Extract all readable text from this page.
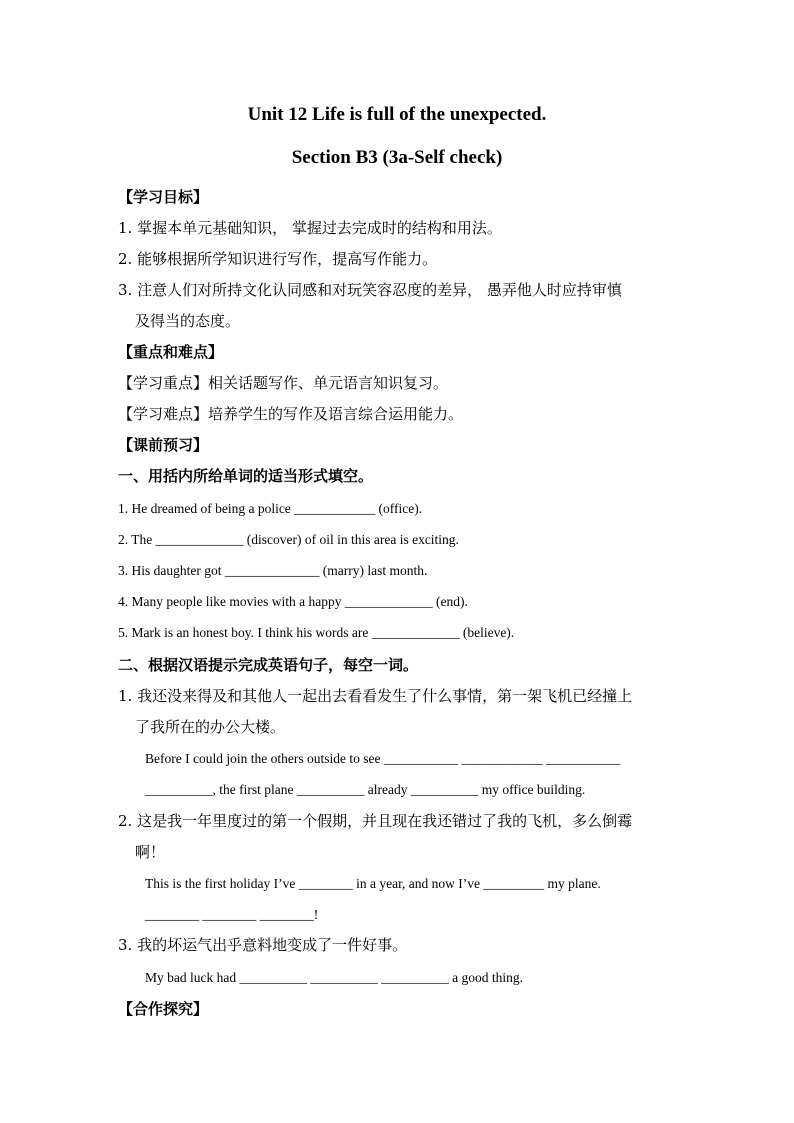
Unit 12 Life is full of the unexpected.
Section B3 (3a-Self check)
【学习目标】
1. 掌握本单元基础知识， 掌握过去完成时的结构和用法。
2. 能够根据所学知识进行写作，提高写作能力。
3. 注意人们对所持文化认同感和对玩笑容忍度的差异， 愚弄他人时应持审慎
及得当的态度。
【重点和难点】
【学习重点】相关话题写作、单元语言知识复习。
【学习难点】培养学生的写作及语言综合运用能力。
【课前预习】
一、用括内所给单词的适当形式填空。
1. He dreamed of being a police ____________ (office).
2. The _____________ (discover) of oil in this area is exciting.
3. His daughter got ______________ (marry) last month.
4. Many people like movies with a happy _____________ (end).
5. Mark is an honest boy. I think his words are _____________ (believe).
二、根据汉语提示完成英语句子，每空一词。
1. 我还没来得及和其他人一起出去看看发生了什么事情，第一架飞机已经撞上
了我所在的办公大楼。
Before I could join the others outside to see ___________ ____________ ___________
__________, the first plane __________ already __________ my office building.
2. 这是我一年里度过的第一个假期，并且现在我还错过了我的飞机，多么倒霉
啊！
This is the first holiday I’ve ________ in a year, and now I’ve _________ my plane.
________ ________ ________!
3. 我的坏运气出乎意料地变成了一件好事。
My bad luck had __________ __________ __________ a good thing.
【合作探究】
